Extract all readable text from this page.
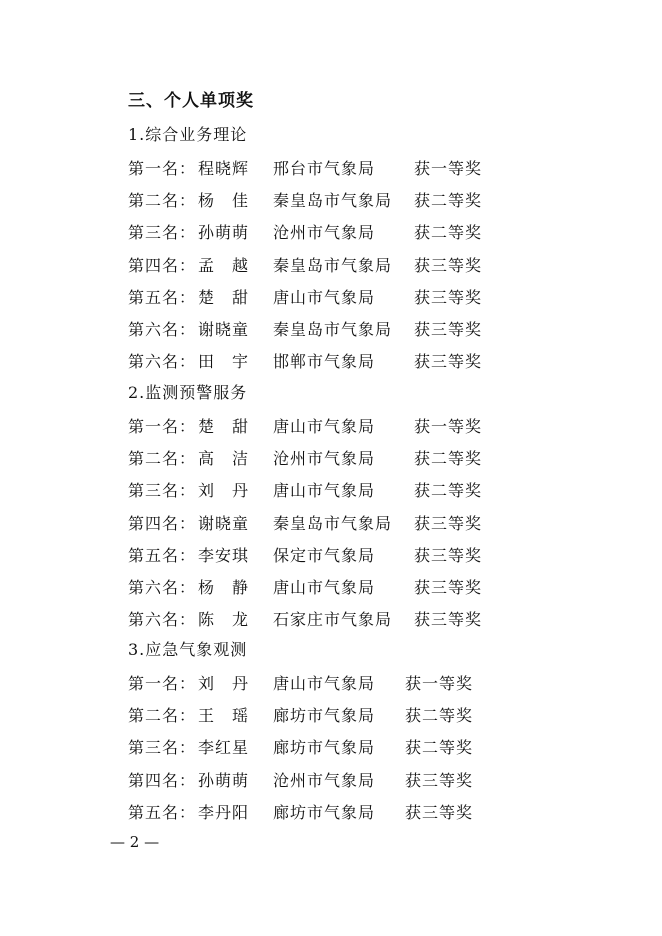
三、个人单项奖
1.综合业务理论
第一名： 程晓辉 邢台市气象局 获一等奖
第二名： 杨　佳 秦皇岛市气象局 获二等奖
第三名： 孙萌萌 沧州市气象局 获二等奖
第四名： 孟　越 秦皇岛市气象局 获三等奖
第五名： 楚　甜 唐山市气象局 获三等奖
第六名： 谢晓童 秦皇岛市气象局 获三等奖
第六名： 田　宇 邯郸市气象局 获三等奖
2.监测预警服务
第一名： 楚　甜 唐山市气象局 获一等奖
第二名： 高　洁 沧州市气象局 获二等奖
第三名： 刘　丹 唐山市气象局 获二等奖
第四名： 谢晓童 秦皇岛市气象局 获三等奖
第五名： 李安琪 保定市气象局 获三等奖
第六名： 杨　静 唐山市气象局 获三等奖
第六名： 陈　龙 石家庄市气象局 获三等奖
3.应急气象观测
第一名： 刘　丹 唐山市气象局 获一等奖
第二名： 王　瑶 廊坊市气象局 获二等奖
第三名： 李红星 廊坊市气象局 获二等奖
第四名： 孙萌萌 沧州市气象局 获三等奖
第五名： 李丹阳 廊坊市气象局 获三等奖
— 2 —
